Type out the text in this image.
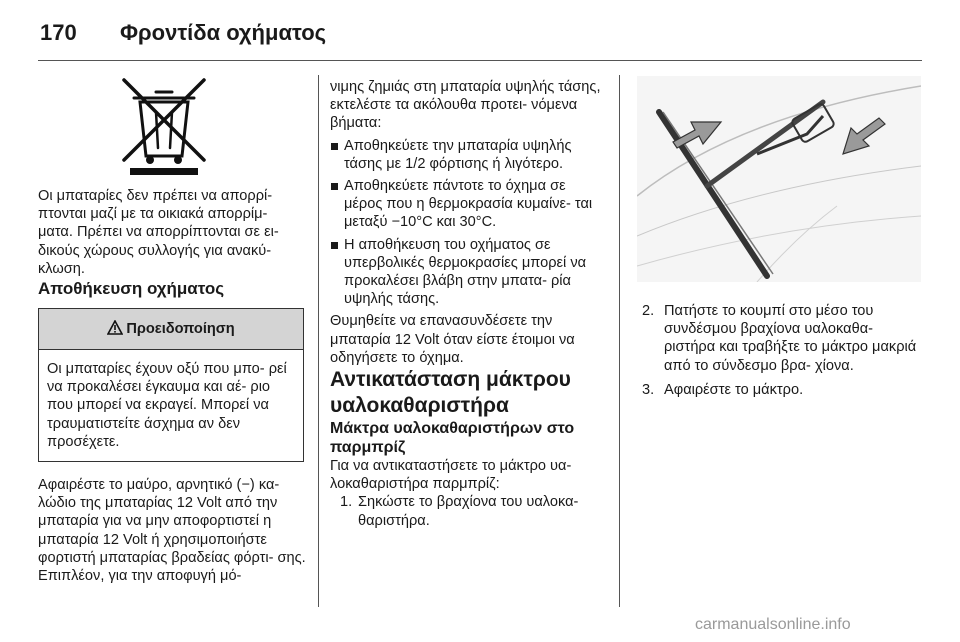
170 Φροντίδα οχήματος

Οι μπαταρίες δεν πρέπει να απορρί- πτονται μαζί με τα οικιακά απορρίμ- ματα. Πρέπει να απορρίπτονται σε ει- δικούς χώρους συλλογής για ανακύ- κλωση.

Αποθήκευση οχήματος

Προειδοποίηση
Οι μπαταρίες έχουν οξύ που μπο- ρεί να προκαλέσει έγκαυμα και αέ- ριο που μπορεί να εκραγεί. Μπορεί να τραυματιστείτε άσχημα αν δεν προσέχετε.

Αφαιρέστε το μαύρο, αρνητικό (−) κα- λώδιο της μπαταρίας 12 Volt από την μπαταρία για να μην αποφορτιστεί η μπαταρία 12 Volt ή χρησιμοποιήστε φορτιστή μπαταρίας βραδείας φόρτι- σης. Επιπλέον, για την αποφυγή μό-

νιμης ζημιάς στη μπαταρία υψηλής τάσης, εκτελέστε τα ακόλουθα προτει- νόμενα βήματα:

Αποθηκεύετε την μπαταρία υψηλής τάσης με 1/2 φόρτισης ή λιγότερο.
Αποθηκεύετε πάντοτε το όχημα σε μέρος που η θερμοκρασία κυμαίνε- ται μεταξύ −10°C και 30°C.
Η αποθήκευση του οχήματος σε υπερβολικές θερμοκρασίες μπορεί να προκαλέσει βλάβη στην μπατα- ρία υψηλής τάσης.

Θυμηθείτε να επανασυνδέσετε την μπαταρία 12 Volt όταν είστε έτοιμοι να οδηγήσετε το όχημα.

Αντικατάσταση μάκτρου υαλοκαθαριστήρα

Μάκτρα υαλοκαθαριστήρων στο παρμπρίζ

Για να αντικαταστήσετε το μάκτρο υα- λοκαθαριστήρα παρμπρίζ:

1. Σηκώστε το βραχίονα του υαλοκα- θαριστήρα.
2. Πατήστε το κουμπί στο μέσο του συνδέσμου βραχίονα υαλοκαθα- ριστήρα και τραβήξτε το μάκτρο μακριά από το σύνδεσμο βρα- χίονα.
3. Αφαιρέστε το μάκτρο.
carmanualsonline.info
